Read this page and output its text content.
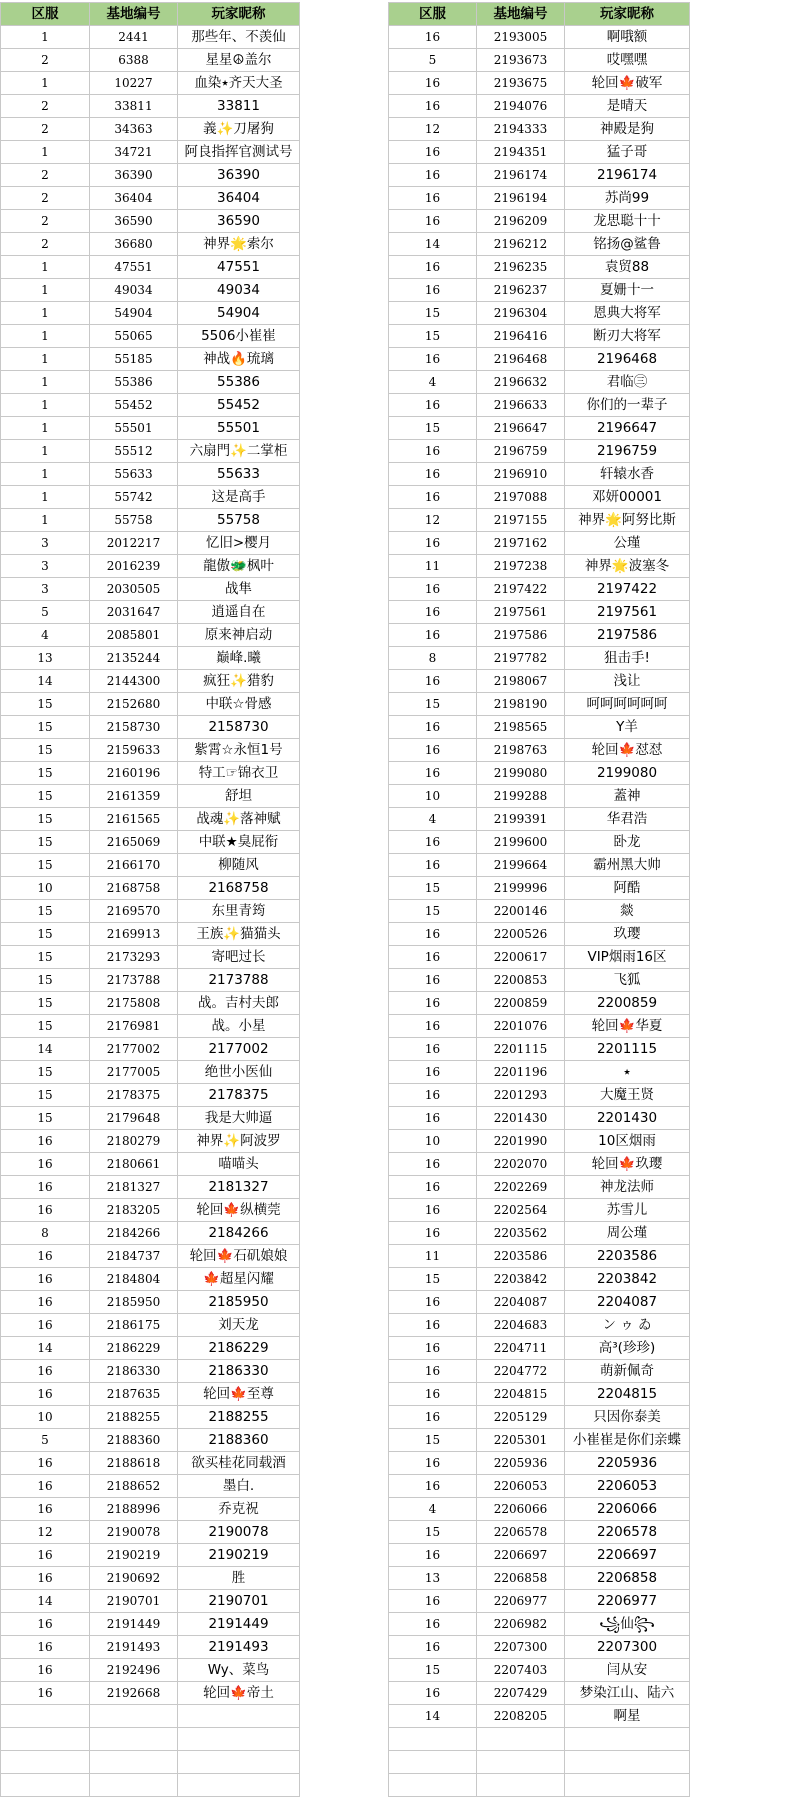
区服	基地编号	玩家昵称
1	2441	那些年、不羡仙
2	6388	星星☮盖尔
1	10227	血染٭齐天大圣
2	33811	33811
2	34363	義✨刀屠狗
1	34721	阿良指挥官测试号
2	36390	36390
2	36404	36404
2	36590	36590
2	36680	神界🌟索尔
1	47551	47551
1	49034	49034
1	54904	54904
1	55065	5506小崔崔
1	55185	神战🔥琉璃
1	55386	55386
1	55452	55452
1	55501	55501
1	55512	六扇門✨二掌柜
1	55633	55633
1	55742	这是高手
1	55758	55758
3	2012217	忆旧>樱月
3	2016239	龍傲🐲枫叶
3	2030505	战隼
5	2031647	逍遥自在
4	2085801	原来神启动
13	2135244	巅峰.曦
14	2144300	疯狂✨猎豹
15	2152680	中联☆骨感
15	2158730	2158730
15	2159633	紫霄☆永恒1号
15	2160196	特工☞锦衣卫
15	2161359	舒坦
15	2161565	战魂✨落神赋
15	2165069	中联★臭屁衔
15	2166170	柳随风
10	2168758	2168758
15	2169570	东里青筠
15	2169913	王族✨猫猫头
15	2173293	寄吧过长
15	2173788	2173788
15	2175808	战。吉村夫郎
15	2176981	战。小星
14	2177002	2177002
15	2177005	绝世小医仙
15	2178375	2178375
15	2179648	我是大帅逼
16	2180279	神界✨阿波罗
16	2180661	喵喵头
16	2181327	2181327
16	2183205	轮回🍁纵横莞
8	2184266	2184266
16	2184737	轮回🍁石矶娘娘
16	2184804	🍁超星闪耀
16	2185950	2185950
16	2186175	刘天龙
14	2186229	2186229
16	2186330	2186330
16	2187635	轮回🍁至尊
10	2188255	2188255
5	2188360	2188360
16	2188618	欲买桂花同载酒
16	2188652	墨白.
16	2188996	乔克祝
12	2190078	2190078
16	2190219	2190219
16	2190692	胜
14	2190701	2190701
16	2191449	2191449
16	2191493	2191493
16	2192496	Wy、菜鸟
16	2192668	轮回🍁帝土

区服	基地编号	玩家昵称
16	2193005	啊哦额
5	2193673	哎嘿嘿
16	2193675	轮回🍁破军
16	2194076	是晴天
12	2194333	神殿是狗
16	2194351	猛子哥
16	2196174	2196174
16	2196194	苏尚99
16	2196209	龙思聪十十
14	2196212	铭扬@鲨鲁
16	2196235	袁贸88
16	2196237	夏姗十一
15	2196304	恩典大将军
15	2196416	断刃大将军
16	2196468	2196468
4	2196632	君临㊂
16	2196633	你们的一辈子
15	2196647	2196647
16	2196759	2196759
16	2196910	轩辕水香
16	2197088	邓妍00001
12	2197155	神界🌟阿努比斯
16	2197162	公瑾
11	2197238	神界🌟波塞冬
16	2197422	2197422
16	2197561	2197561
16	2197586	2197586
8	2197782	狙击手!
16	2198067	浅让
15	2198190	呵呵呵呵呵呵
16	2198565	Y羊
16	2198763	轮回🍁怼怼
16	2199080	2199080
10	2199288	蓋神
4	2199391	华君浩
16	2199600	卧龙
16	2199664	霸州黑大帅
15	2199996	阿酷
15	2200146	燚
16	2200526	玖璎
16	2200617	VIP烟雨16区
16	2200853	飞狐
16	2200859	2200859
16	2201076	轮回🍁华夏
16	2201115	2201115
16	2201196	٭
16	2201293	大魔王贤
16	2201430	2201430
10	2201990	10区烟雨
16	2202070	轮回🍁玖璎
16	2202269	神龙法师
16	2202564	苏雪儿
16	2203562	周公瑾
11	2203586	2203586
15	2203842	2203842
16	2204087	2204087
16	2204683	ン ゥ ゐ
16	2204711	高³(珍珍)
16	2204772	萌新佩奇
16	2204815	2204815
16	2205129	只因你泰美
15	2205301	小崔崔是你们亲蝶
16	2205936	2205936
16	2206053	2206053
4	2206066	2206066
15	2206578	2206578
16	2206697	2206697
13	2206858	2206858
16	2206977	2206977
16	2206982	꧁仙꧂
16	2207300	2207300
15	2207403	闫从安
16	2207429	梦染江山、陆六
14	2208205	啊星
